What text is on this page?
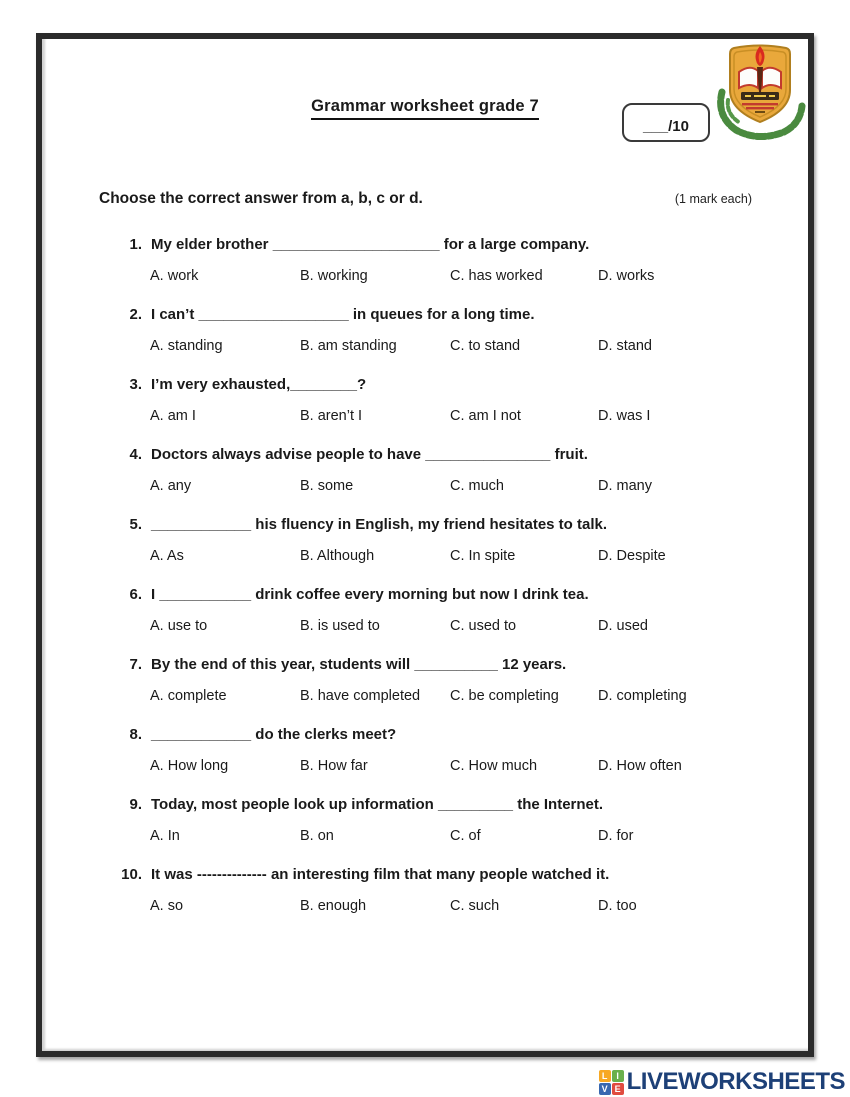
Grammar worksheet grade 7
___/10
Choose the correct answer from a, b, c or d.	(1 mark each)
1. My elder brother ____________________ for a large company.
A. work	B. working	C. has worked	D. works
2. I can’t __________________ in queues for a long time.
A. standing	B. am standing	C. to stand	D. stand
3. I’m very exhausted,________?
A. am I	B. aren’t I	C. am I not	D. was I
4. Doctors always advise people to have _______________ fruit.
A. any	B. some	C. much	D. many
5. ____________ his fluency in English, my friend hesitates to talk.
A. As	B. Although	C. In spite	D. Despite
6. I ___________ drink coffee every morning but now I drink tea.
A. use to	B. is used to	C. used to	D. used
7. By the end of this year, students will __________ 12 years.
A. complete	B. have completed	C. be completing	D. completing
8. ____________ do the clerks meet?
A. How long	B. How far	C. How much	D. How often
9. Today, most people look up information _________ the Internet.
A. In	B. on	C. of	D. for
10. It was -------------- an interesting film that many people watched it.
A. so	B. enough	C. such	D. too
L I
V E LIVEWORKSHEETS
